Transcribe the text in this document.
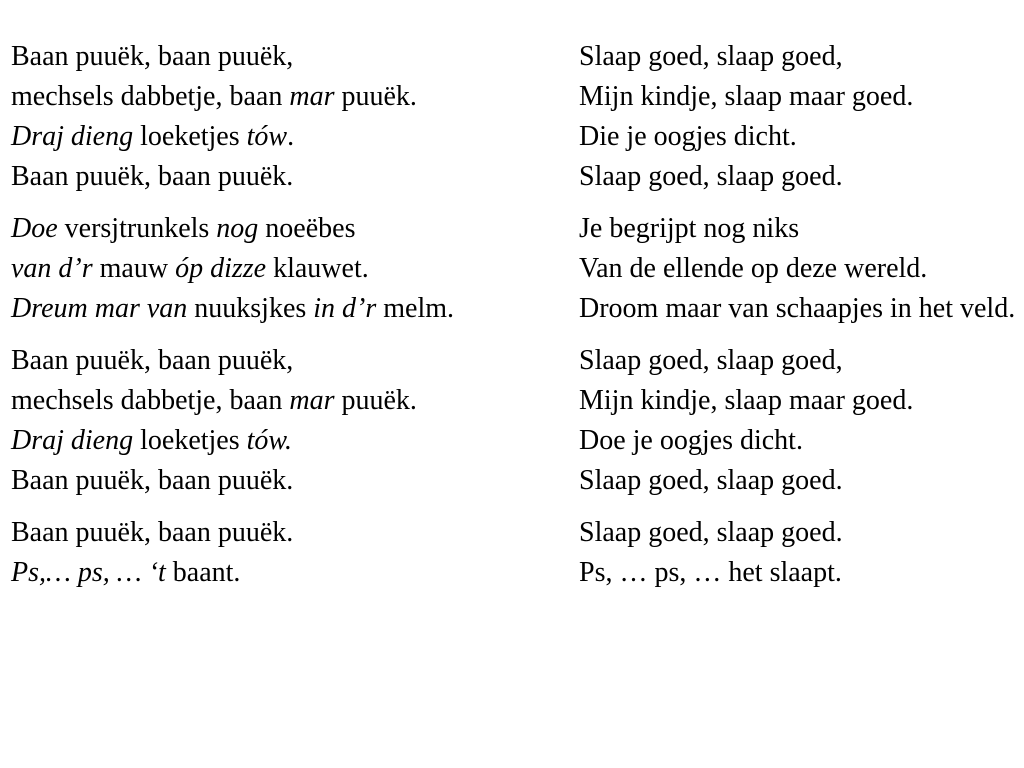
Baan puuëk, baan puuëk,
mechsels dabbetje, baan mar puuëk.
Draj dieng loeketjes tów.
Baan puuëk, baan puuëk.
Doe versjtrunkels nog noeëbes
van d’r mauw óp dizze klauwet.
Dreum mar van nuuksjkes in d’r melm.
Baan puuëk, baan puuëk,
mechsels dabbetje, baan mar puuëk.
Draj dieng loeketjes tów.
Baan puuëk, baan puuëk.
Baan puuëk, baan puuëk.
Ps,… ps, … ‘t baant.
Slaap goed, slaap goed,
Mijn kindje, slaap maar goed.
Die je oogjes dicht.
Slaap goed, slaap goed.
Je begrijpt nog niks
Van de ellende op deze wereld.
Droom maar van schaapjes in het veld.
Slaap goed, slaap goed,
Mijn kindje, slaap maar goed.
Doe je oogjes dicht.
Slaap goed, slaap goed.
Slaap goed, slaap goed.
Ps, … ps, … het slaapt.
